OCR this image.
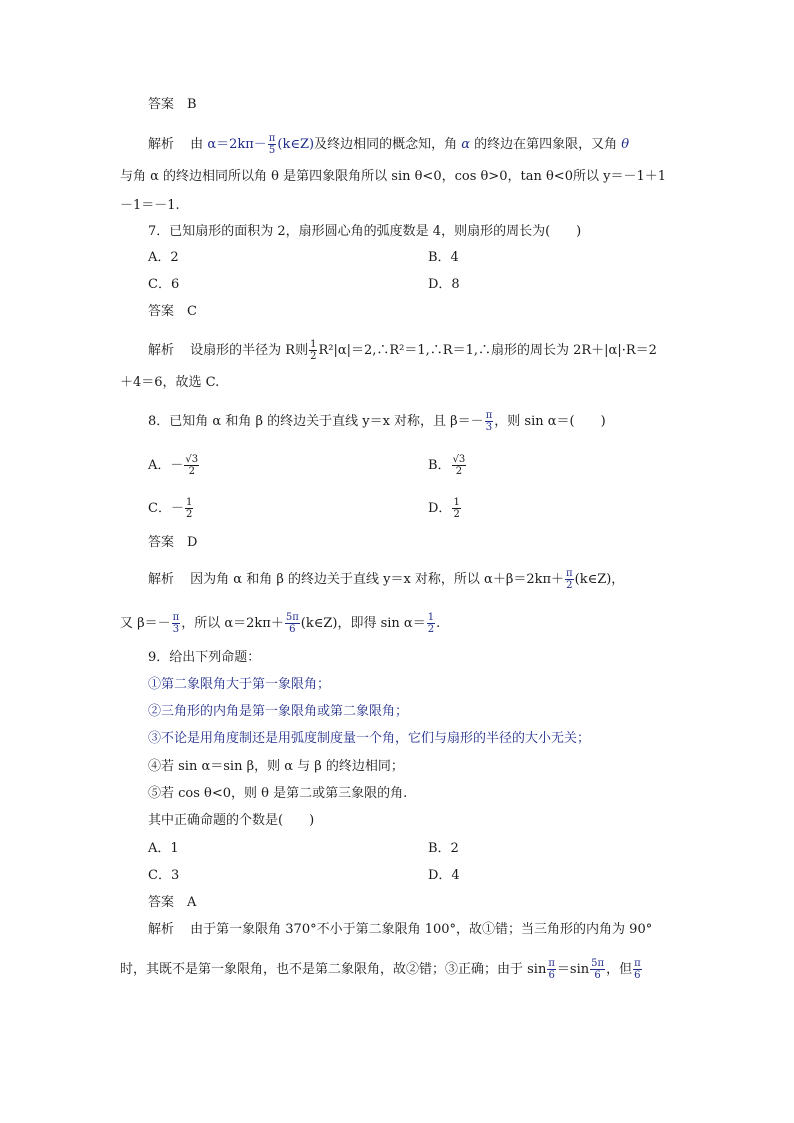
答案　B
解析 由 $\alpha=2k\pi- \frac{\pi}{5}$ (k∈Z)及终边相同的概念知，角 α 的终边在第四象限，又角 θ
与角 α 的终边相同所以角 θ 是第四象限角所以 sin θ<0，cos θ>0，tan θ<0所以 y＝－1＋1
－1＝－1.
7．已知扇形的面积为 2，扇形圆心角的弧度数是 4，则扇形的周长为(　　)
A．2	B．4
C．6	D．8
答案　C
解析 设扇形的半径为 R则 $\frac{1}{2}$ R²|α|＝2,∴R²＝1,∴R＝1,∴扇形的周长为 2R＋|α|·R＝2
＋4＝6，故选 C.
8．已知角 α 和角 β 的终边关于直线 y＝x 对称，且 $\beta=- \frac{\pi}{3}$ ，则 sin α＝(　　)
A．－ $\frac{√3}{2}$	B． $\frac{√3}{2}$
C．－ $\frac{1}{2}$	D． $\frac{1}{2}$
答案　D
解析 因为角 α 和角 β 的终边关于直线 y＝x 对称，所以 $\alpha+\beta=2k\pi+ \frac{\pi}{2}$ (k∈Z)，
又 $\beta=- \frac{\pi}{3}$ ，所以 $\alpha=2k\pi+ \frac{5\pi}{6}$ (k∈Z)，即得 $\sin \alpha= \frac{1}{2}$ .
9．给出下列命题：
①第二象限角大于第一象限角；
②三角形的内角是第一象限角或第二象限角；
③不论是用角度制还是用弧度制度量一个角，它们与扇形的半径的大小无关；
④若 sin α＝sin β，则 α 与 β 的终边相同；
⑤若 cos θ<0，则 θ 是第二或第三象限的角.
其中正确命题的个数是(　　)
A．1	B．2
C．3	D．4
答案　A
解析 由于第一象限角 370°不小于第二象限角 100°，故①错；当三角形的内角为 90°
时，其既不是第一象限角，也不是第二象限角，故②错；③正确；由于 $\sin \frac{\pi}{6} =\sin \frac{5\pi}{6}$ ，但 $\frac{\pi}{6}$
